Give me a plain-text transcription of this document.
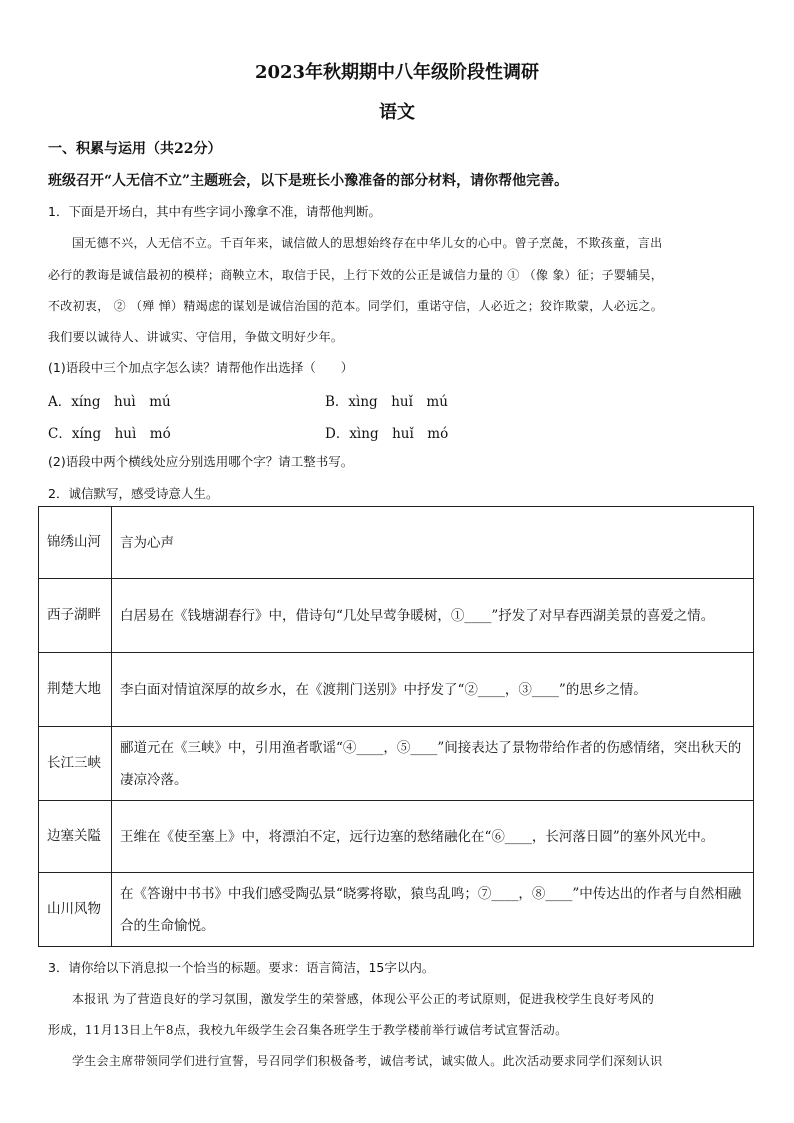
2023年秋期期中八年级阶段性调研
语文
一、积累与运用（共22分）
班级召开“人无信不立”主题班会，以下是班长小豫准备的部分材料，请你帮他完善。
1．下面是开场白，其中有些字词小豫拿不准，请帮他判断。
国无德不兴，人无信不立。千百年来，诚信做人的思想始终存在中华儿女的心中。曾子烹彘，不欺孩童，言出
必行的教诲是诚信最初的模样；商鞅立木，取信于民，上行下效的公正是诚信力量的 ① （像 象）征；子婴辅吴，
不改初衷， ② （殚 惮）精竭虑的谋划是诚信治国的范本。同学们，重诺守信，人必近之；狡诈欺蒙，人必远之。
我们要以诚待人、讲诚实、守信用，争做文明好少年。
(1)语段中三个加点字怎么读？请帮他作出选择（　　）
A．xíng　huì　mú	B．xìng　huǐ　mú
C．xíng　huì　mó	D．xìng　huǐ　mó
(2)语段中两个横线处应分别选用哪个字？请工整书写。
2．诚信默写，感受诗意人生。
锦绣山河	言为心声
西子湖畔	白居易在《钱塘湖春行》中，借诗句“几处早莺争暖树，①____”抒发了对早春西湖美景的喜爱之情。
荆楚大地	李白面对情谊深厚的故乡水，在《渡荆门送别》中抒发了“②____，③____”的思乡之情。
长江三峡	郦道元在《三峡》中，引用渔者歌谣“④____，⑤____”间接表达了景物带给作者的伤感情绪，突出秋天的凄凉冷落。
边塞关隘	王维在《使至塞上》中，将漂泊不定，远行边塞的愁绪融化在“⑥____，长河落日圆”的塞外风光中。
山川风物	在《答谢中书书》中我们感受陶弘景“晓雾将歇，猿鸟乱鸣；⑦____，⑧____”中传达出的作者与自然相融合的生命愉悦。
3．请你给以下消息拟一个恰当的标题。要求：语言简洁，15字以内。
本报讯 为了营造良好的学习氛围，激发学生的荣誉感，体现公平公正的考试原则，促进我校学生良好考风的
形成，11月13日上午8点，我校九年级学生会召集各班学生于教学楼前举行诚信考试宣誓活动。
学生会主席带领同学们进行宣誓，号召同学们积极备考，诚信考试，诚实做人。此次活动要求同学们深刻认识
